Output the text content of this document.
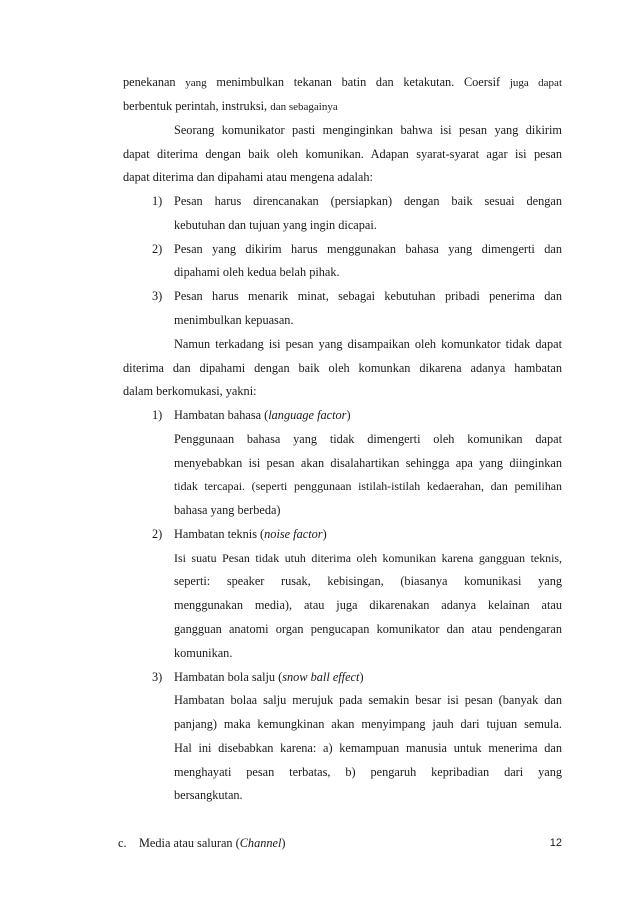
penekanan yang menimbulkan tekanan batin dan ketakutan. Coersif juga dapat
berbentuk perintah, instruksi, dan sebagainya
Seorang komunikator pasti menginginkan bahwa isi pesan yang dikirim
dapat diterima dengan baik oleh komunikan. Adapan syarat-syarat agar isi pesan
dapat diterima dan dipahami atau mengena adalah:
1) Pesan harus direncanakan (persiapkan) dengan baik sesuai dengan
kebutuhan dan tujuan yang ingin dicapai.
2) Pesan yang dikirim harus menggunakan bahasa yang dimengerti dan
dipahami oleh kedua belah pihak.
3) Pesan harus menarik minat, sebagai kebutuhan pribadi penerima dan
menimbulkan kepuasan.
Namun terkadang isi pesan yang disampaikan oleh komunkator tidak dapat
diterima dan dipahami dengan baik oleh komunkan dikarena adanya hambatan
dalam berkomukasi, yakni:
1) Hambatan bahasa (language factor)
Penggunaan bahasa yang tidak dimengerti oleh komunikan dapat
menyebabkan isi pesan akan disalahartikan sehingga apa yang diinginkan
tidak tercapai. (seperti penggunaan istilah-istilah kedaerahan, dan pemilihan
bahasa yang berbeda)
2) Hambatan teknis (noise factor)
Isi suatu Pesan tidak utuh diterima oleh komunikan karena gangguan teknis,
seperti: speaker rusak, kebisingan, (biasanya komunikasi yang
menggunakan media), atau juga dikarenakan adanya kelainan atau
gangguan anatomi organ pengucapan komunikator dan atau pendengaran
komunikan.
3) Hambatan bola salju (snow ball effect)
Hambatan bolaa salju merujuk pada semakin besar isi pesan (banyak dan
panjang) maka kemungkinan akan menyimpang jauh dari tujuan semula.
Hal ini disebabkan karena: a) kemampuan manusia untuk menerima dan
menghayati pesan terbatas, b) pengaruh kepribadian dari yang
bersangkutan.
c. Media atau saluran (Channel)	12
